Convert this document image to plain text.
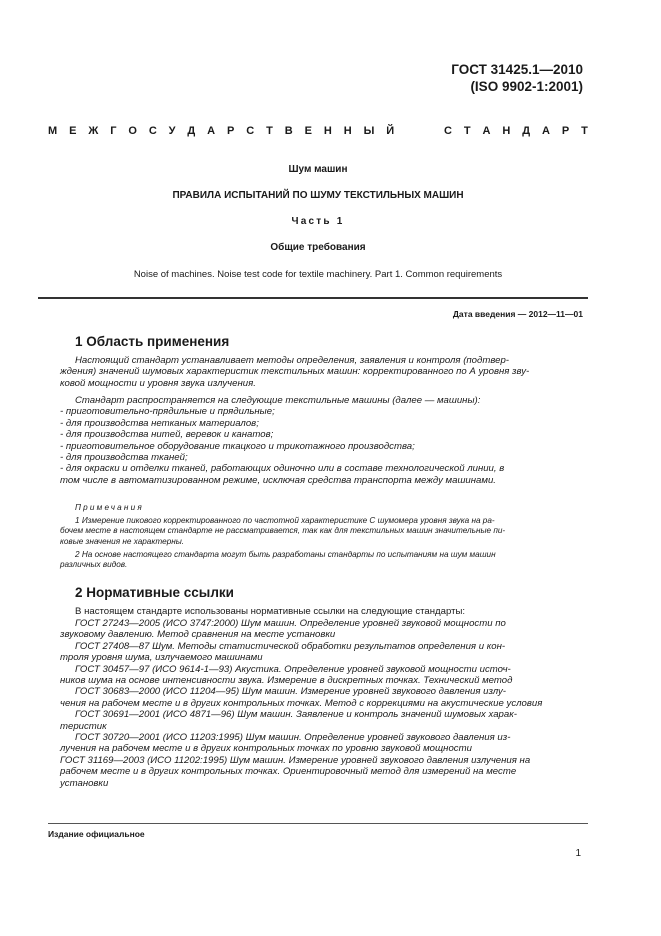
ГОСТ 31425.1—2010
(ISO 9902-1:2001)
М Е Ж Г О С У Д А Р С Т В Е Н Н Ы Й	С Т А Н Д А Р Т
Шум машин
ПРАВИЛА ИСПЫТАНИЙ ПО ШУМУ ТЕКСТИЛЬНЫХ МАШИН
Часть 1
Общие требования
Noise of machines. Noise test code for textile machinery. Part 1. Common requirements
Дата введения — 2012—11—01
1 Область применения
Настоящий стандарт устанавливает методы определения, заявления и контроля (подтвер-
ждения) значений шумовых характеристик текстильных машин: корректированного по А уровня зву-
ковой мощности и уровня звука излучения.
Стандарт распространяется на следующие текстильные машины (далее — машины):
- приготовительно-прядильные и прядильные;
- для производства нетканых материалов;
- для производства нитей, веревок и канатов;
- приготовительное оборудование ткацкого и трикотажного производства;
- для производства тканей;
- для окраски и отделки тканей, работающих одиночно или в составе технологической линии, в
том числе в автоматизированном режиме, исключая средства транспорта между машинами.
Примечания
1 Измерение пикового корректированного по частотной характеристике С шумомера уровня звука на ра-
бочем месте в настоящем стандарте не рассматривается, так как для текстильных машин значительные пи-
ковые значения не характерны.
2 На основе настоящего стандарта могут быть разработаны стандарты по испытаниям на шум машин
различных видов.
2 Нормативные ссылки
В настоящем стандарте использованы нормативные ссылки на следующие стандарты:
ГОСТ 27243—2005 (ИСО 3747:2000) Шум машин. Определение уровней звуковой мощности по
звуковому давлению. Метод сравнения на месте установки
ГОСТ 27408—87 Шум. Методы статистической обработки результатов определения и кон-
троля уровня шума, излучаемого машинами
ГОСТ 30457—97 (ИСО 9614-1—93) Акустика. Определение уровней звуковой мощности источ-
ников шума на основе интенсивности звука. Измерение в дискретных точках. Технический метод
ГОСТ 30683—2000 (ИСО 11204—95) Шум машин. Измерение уровней звукового давления излу-
чения на рабочем месте и в других контрольных точках. Метод с коррекциями на акустические условия
ГОСТ 30691—2001 (ИСО 4871—96) Шум машин. Заявление и контроль значений шумовых харак-
теристик
ГОСТ 30720—2001 (ИСО 11203:1995) Шум машин. Определение уровней звукового давления из-
лучения на рабочем месте и в других контрольных точках по уровню звуковой мощности
ГОСТ 31169—2003 (ИСО 11202:1995) Шум машин. Измерение уровней звукового давления излучения на
рабочем месте и в других контрольных точках. Ориентировочный метод для измерений на месте
установки
Издание официальное
1
